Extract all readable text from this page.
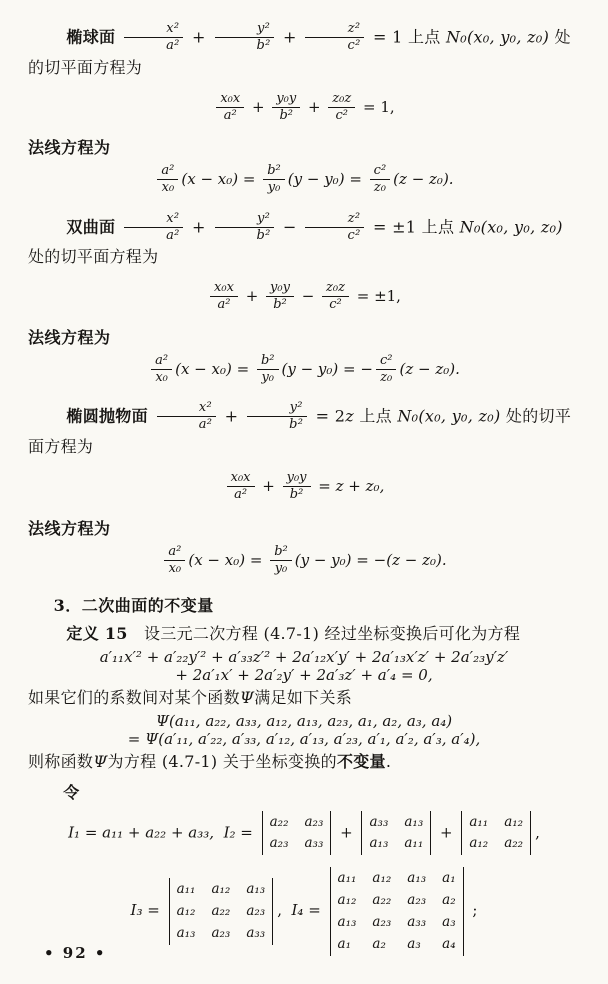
椭球面 $\frac{\text{x²}}{\text{a²}} + \frac{\text{y²}}{\text{b²}} + \frac{\text{z²}}{\text{c²}} = 1$ 上点 N₀(x₀, y₀, z₀) 处的切平面方程为
$\frac{\text{x₀x}}{\text{a²}} + \frac{\text{y₀y}}{\text{b²}} + \frac{\text{z₀z}}{\text{c²}} = 1$,
法线方程为
$\frac{\text{a²}}{\text{x₀}} (x - x_0) = \frac{\text{b²}}{\text{y₀}} (y - y_0) = \frac{\text{c²}}{\text{z₀}} (z - z_0)$.
双曲面 $\frac{\text{x²}}{\text{a²}} + \frac{\text{y²}}{\text{b²}} - \frac{\text{z²}}{\text{c²}} = \pm 1$ 上点 N₀(x₀, y₀, z₀) 处的切平面方程为
$\frac{\text{x₀x}}{\text{a²}} + \frac{\text{y₀y}}{\text{b²}} - \frac{\text{z₀z}}{\text{c²}} = \pm 1$,
法线方程为
$\frac{\text{a²}}{\text{x₀}} (x - x_0) = \frac{\text{b²}}{\text{y₀}} (y - y_0)$ = − $\frac{\text{c²}}{\text{z₀}} (z - z_0)$.
椭圆抛物面 $\frac{\text{x²}}{\text{a²}} + \frac{\text{y²}}{\text{b²}} = 2z$ 上点 N₀(x₀, y₀, z₀) 处的切平面方程为
$\frac{\text{x₀x}}{\text{a²}} + \frac{\text{y₀y}}{\text{b²}} = z + z_0$,
法线方程为
$\frac{\text{a²}}{\text{x₀}} (x - x_0) = \frac{\text{b²}}{\text{y₀}} (y - y_0) = -(z - z_0)$.
3．二次曲面的不变量
定义 15　设三元二次方程 (4.7-1) 经过坐标变换后可化为方程
a′₁₁x′² + a′₂₂y′² + a′₃₃z′² + 2a′₁₂x′y′ + 2a′₁₃x′z′ + 2a′₂₃y′z′
+ 2a′₁x′ + 2a′₂y′ + 2a′₃z′ + a′₄ = 0,
如果它们的系数间对某个函数Ψ满足如下关系
Ψ(a₁₁, a₂₂, a₃₃, a₁₂, a₁₃, a₂₃, a₁, a₂, a₃, a₄)
= Ψ(a′₁₁, a′₂₂, a′₃₃, a′₁₂, a′₁₃, a′₂₃, a′₁, a′₂, a′₃, a′₄),
则称函数Ψ为方程 (4.7-1) 关于坐标变换的不变量.
令
I₁ = a₁₁ + a₂₂ + a₃₃,  I₂ =
a₂₂ a₂₃
a₂₃ a₃₃
+
a₃₃ a₁₃
a₁₃ a₁₁
+
a₁₁ a₁₂
a₁₂ a₂₂
,
I₃ =
a₁₁ a₁₂ a₁₃
a₁₂ a₂₂ a₂₃
a₁₃ a₂₃ a₃₃
,  I₄ =
a₁₁ a₁₂ a₁₃ a₁
a₁₂ a₂₂ a₂₃ a₂
a₁₃ a₂₃ a₃₃ a₃
a₁	a₂	a₃	a₄
;
• 92 •
